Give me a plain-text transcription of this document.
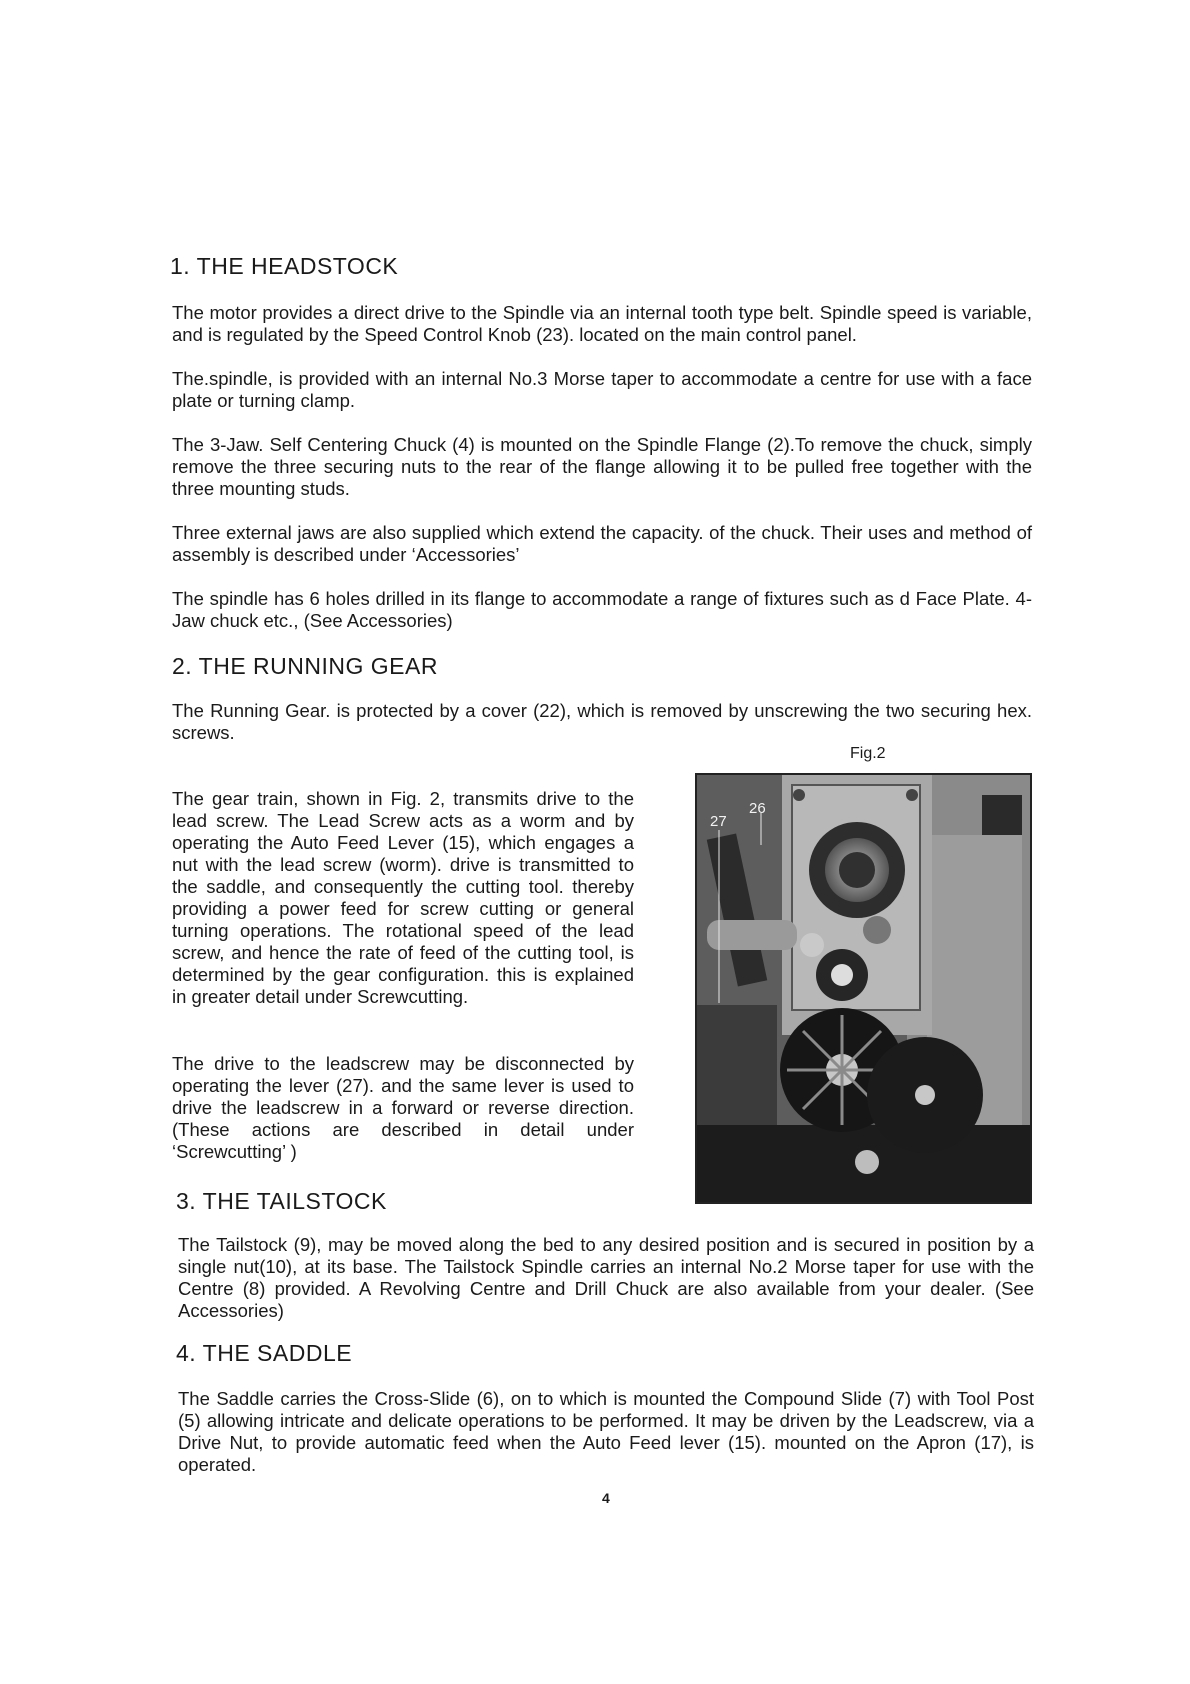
1. THE HEADSTOCK

The motor provides a direct drive to the Spindle via an internal tooth type belt. Spindle speed is variable, and is regulated by the Speed Control Knob (23). located on the main control panel.

The.spindle, is provided with an internal No.3 Morse taper to accommodate a centre for use with a face plate or turning clamp.

The 3-Jaw. Self Centering Chuck (4) is mounted on the Spindle Flange (2).To remove the chuck, simply remove the three securing nuts to the rear of the flange allowing it to be pulled free together with the three mounting studs.

Three external jaws are also supplied which extend the capacity. of the chuck. Their uses and method of assembly is described under ‘Accessories’

The spindle has 6 holes drilled in its flange to accommodate a range of fixtures such as d Face Plate. 4-Jaw chuck etc., (See Accessories)

2. THE RUNNING GEAR

The Running Gear. is protected by a cover (22), which is removed by unscrewing the two securing hex. screws.

Fig.2
27
26

The gear train, shown in Fig. 2, transmits drive to the lead screw. The Lead Screw acts as a worm and by operating the Auto Feed Lever (15), which engages a nut with the lead screw (worm). drive is transmitted to the saddle, and consequently the cutting tool. thereby providing a power feed for screw cutting or general turning operations. The rotational speed of the lead screw, and hence the rate of feed of the cutting tool, is determined by the gear configuration. this is explained in greater detail under Screwcutting.

The drive to the leadscrew may be disconnected by operating the lever (27). and the same lever is used to drive the leadscrew in a forward or reverse direction. (These actions are described in detail under ‘Screwcutting’ )

3. THE TAILSTOCK

The Tailstock (9), may be moved along the bed to any desired position and is secured in position by a single nut(10), at its base. The Tailstock Spindle carries an internal No.2 Morse taper for use with the Centre (8) provided. A Revolving Centre and Drill Chuck are also available from your dealer. (See Accessories)

4. THE SADDLE

The Saddle carries the Cross-Slide (6), on to which is mounted the Compound Slide (7) with Tool Post (5) allowing intricate and delicate operations to be performed. It may be driven by the Leadscrew, via a Drive Nut, to provide automatic feed when the Auto Feed lever (15). mounted on the Apron (17), is operated.

4
